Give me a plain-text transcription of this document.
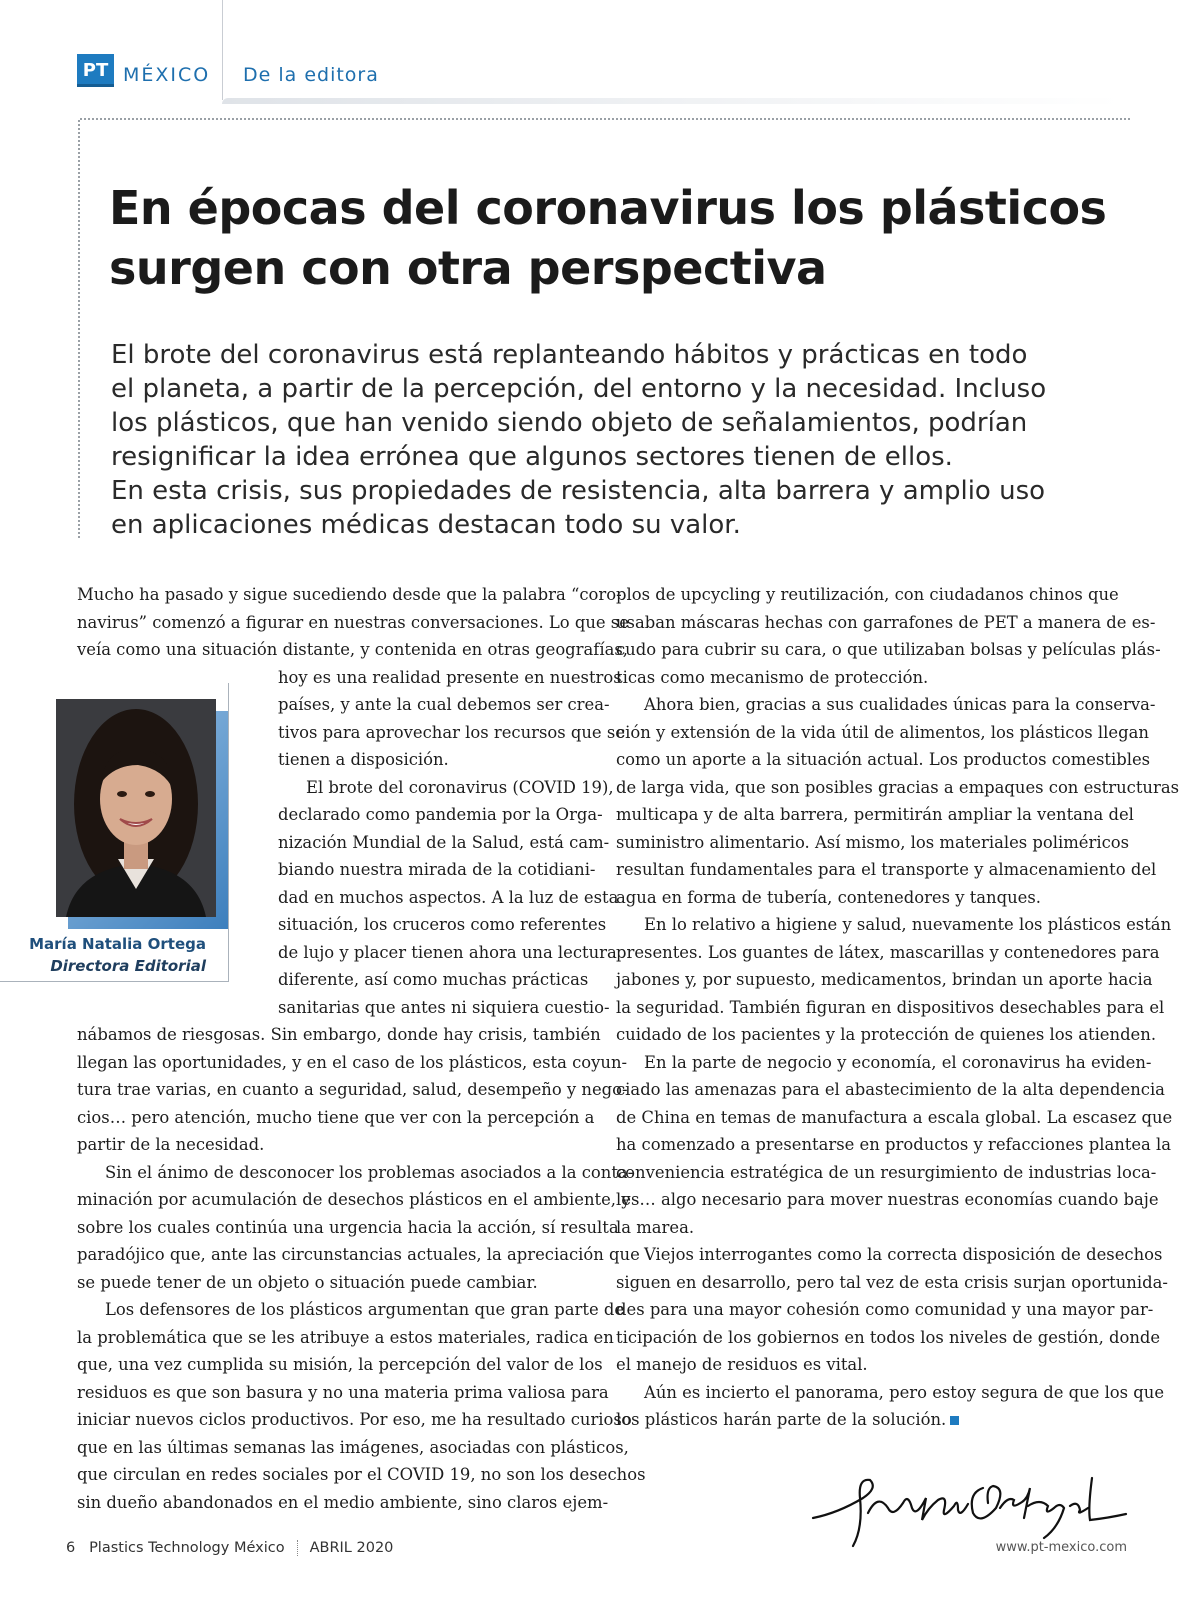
PT MÉXICO De la editora
En épocas del coronavirus los plásticos
surgen con otra perspectiva

El brote del coronavirus está replanteando hábitos y prácticas en todo
el planeta, a partir de la percepción, del entorno y la necesidad. Incluso
los plásticos, que han venido siendo objeto de señalamientos, podrían
resignificar la idea errónea que algunos sectores tienen de ellos.
En esta crisis, sus propiedades de resistencia, alta barrera y amplio uso
en aplicaciones médicas destacan todo su valor.

María Natalia Ortega
Directora Editorial
Mucho ha pasado y sigue sucediendo desde que la palabra “coro-
navirus” comenzó a figurar en nuestras conversaciones. Lo que se
veía como una situación distante, y contenida en otras geografías,
hoy es una realidad presente en nuestros
países, y ante la cual debemos ser crea-
tivos para aprovechar los recursos que se
tienen a disposición.
El brote del coronavirus (COVID 19),
declarado como pandemia por la Orga-
nización Mundial de la Salud, está cam-
biando nuestra mirada de la cotidiani-
dad en muchos aspectos. A la luz de esta
situación, los cruceros como referentes
de lujo y placer tienen ahora una lectura
diferente, así como muchas prácticas
sanitarias que antes ni siquiera cuestio-
nábamos de riesgosas. Sin embargo, donde hay crisis, también
llegan las oportunidades, y en el caso de los plásticos, esta coyun-
tura trae varias, en cuanto a seguridad, salud, desempeño y nego-
cios… pero atención, mucho tiene que ver con la percepción a
partir de la necesidad.
Sin el ánimo de desconocer los problemas asociados a la conta-
minación por acumulación de desechos plásticos en el ambiente, y
sobre los cuales continúa una urgencia hacia la acción, sí resulta
paradójico que, ante las circunstancias actuales, la apreciación que
se puede tener de un objeto o situación puede cambiar.
Los defensores de los plásticos argumentan que gran parte de
la problemática que se les atribuye a estos materiales, radica en
que, una vez cumplida su misión, la percepción del valor de los
residuos es que son basura y no una materia prima valiosa para
iniciar nuevos ciclos productivos. Por eso, me ha resultado curioso
que en las últimas semanas las imágenes, asociadas con plásticos,
que circulan en redes sociales por el COVID 19, no son los desechos
sin dueño abandonados en el medio ambiente, sino claros ejem-
plos de upcycling y reutilización, con ciudadanos chinos que
usaban máscaras hechas con garrafones de PET a manera de es-
cudo para cubrir su cara, o que utilizaban bolsas y películas plás-
ticas como mecanismo de protección.
Ahora bien, gracias a sus cualidades únicas para la conserva-
ción y extensión de la vida útil de alimentos, los plásticos llegan
como un aporte a la situación actual. Los productos comestibles
de larga vida, que son posibles gracias a empaques con estructuras
multicapa y de alta barrera, permitirán ampliar la ventana del
suministro alimentario. Así mismo, los materiales poliméricos
resultan fundamentales para el transporte y almacenamiento del
agua en forma de tubería, contenedores y tanques.
En lo relativo a higiene y salud, nuevamente los plásticos están
presentes. Los guantes de látex, mascarillas y contenedores para
jabones y, por supuesto, medicamentos, brindan un aporte hacia
la seguridad. También figuran en dispositivos desechables para el
cuidado de los pacientes y la protección de quienes los atienden.
En la parte de negocio y economía, el coronavirus ha eviden-
ciado las amenazas para el abastecimiento de la alta dependencia
de China en temas de manufactura a escala global. La escasez que
ha comenzado a presentarse en productos y refacciones plantea la
conveniencia estratégica de un resurgimiento de industrias loca-
les… algo necesario para mover nuestras economías cuando baje
la marea.
Viejos interrogantes como la correcta disposición de desechos
siguen en desarrollo, pero tal vez de esta crisis surjan oportunida-
des para una mayor cohesión como comunidad y una mayor par-
ticipación de los gobiernos en todos los niveles de gestión, donde
el manejo de residuos es vital.
Aún es incierto el panorama, pero estoy segura de que los que
los plásticos harán parte de la solución.
6 Plastics Technology México ABRIL 2020	www.pt-mexico.com
